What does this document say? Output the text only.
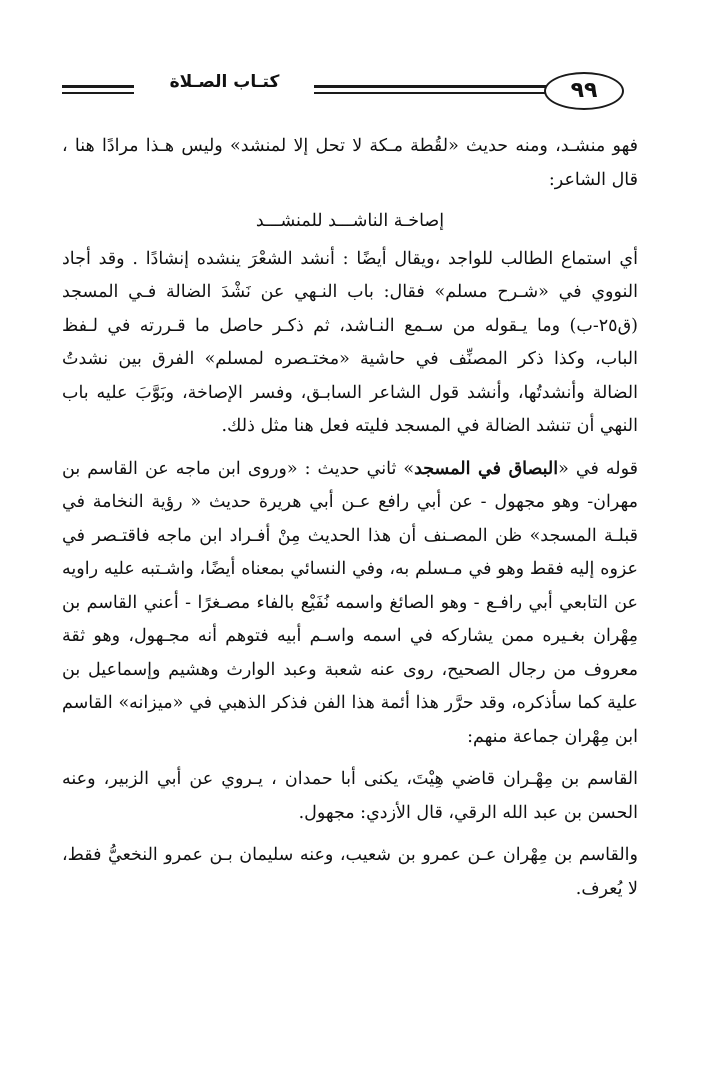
كتـاب الصـلاة	٩٩

فهو منشـد، ومنه حديث «لقُطة مـكة لا تحل إلا لمنشد» وليس هـذا مرادًا هنا ، قال الشاعر:

إصاخـة الناشـــد للمنشـــد

أي استماع الطالب للواجد ،ويقال أيضًا : أنشد الشعْرَ ينشده إنشادًا . وقد أجاد النووي في «شـرح مسلم» فقال: باب النـهي عن نَشْدَ الضالة فـي المسجد (ق٢٥-ب) وما يـقوله من سـمع النـاشد، ثم ذكـر حاصل ما قـررته في لـفظ الباب، وكذا ذكر المصنِّف في حاشية «مختـصره لمسلم» الفرق بين نشدتُ الضالة وأنشدتُها، وأنشد قول الشاعر السابـق، وفسر الإصاخة، وبَوَّبَ عليه باب النهي أن تنشد الضالة في المسجد فليته فعل هنا مثل ذلك.

قوله في «البصاق في المسجد» ثاني حديث : «وروى ابن ماجه عن القاسم بن مهران- وهو مجهول - عن أبي رافع عـن أبي هريرة حديث « رؤية النخامة في قبلـة المسجد» ظن المصـنف أن هذا الحديث مِنْ أفـراد ابن ماجه فاقتـصر في عزوه إليه فقط وهو في مـسلم به، وفي النسائي بمعناه أيضًا، واشـتبه عليه راويه عن التابعي أبي رافـع - وهو الصائغ واسمه نُفَيْع بالفاء مصـغرًا - أعني القاسم بن مِهْران بغـيره ممن يشاركه في اسمه واسـم أبيه فتوهم أنه مجـهول، وهو ثقة معروف من رجال الصحيح، روى عنه شعبة وعبد الوارث وهشيم وإسماعيل بن علية كما سأذكره، وقد حرَّر هذا أئمة هذا الفن فذكر الذهبي في «ميزانه» القاسم ابن مِهْران جماعة منهم:

القاسم بن مِهْـران قاضي هِيْتَ، يكنى أبا حمدان ، يـروي عن أبي الزبير، وعنه الحسن بن عبد الله الرقي، قال الأزدي: مجهول.

والقاسم بن مِهْران عـن عمرو بن شعيب، وعنه سليمان بـن عمرو النخعيُّ فقط، لا يُعرف.
